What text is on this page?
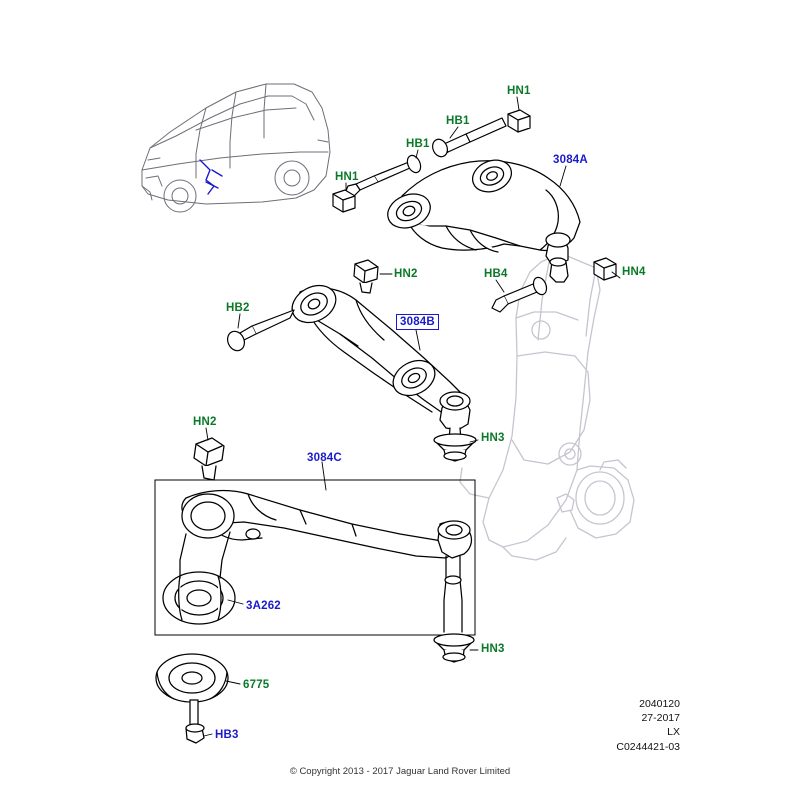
HN1
HB1
HB1
HN1
3084A
HN2	HB4	HN4
HB2
3084B
HN3
HN2
3084C
3A262
HN3
6775
HB3
2040120
27-2017
LX
C0244421-03
© Copyright 2013 - 2017 Jaguar Land Rover Limited
